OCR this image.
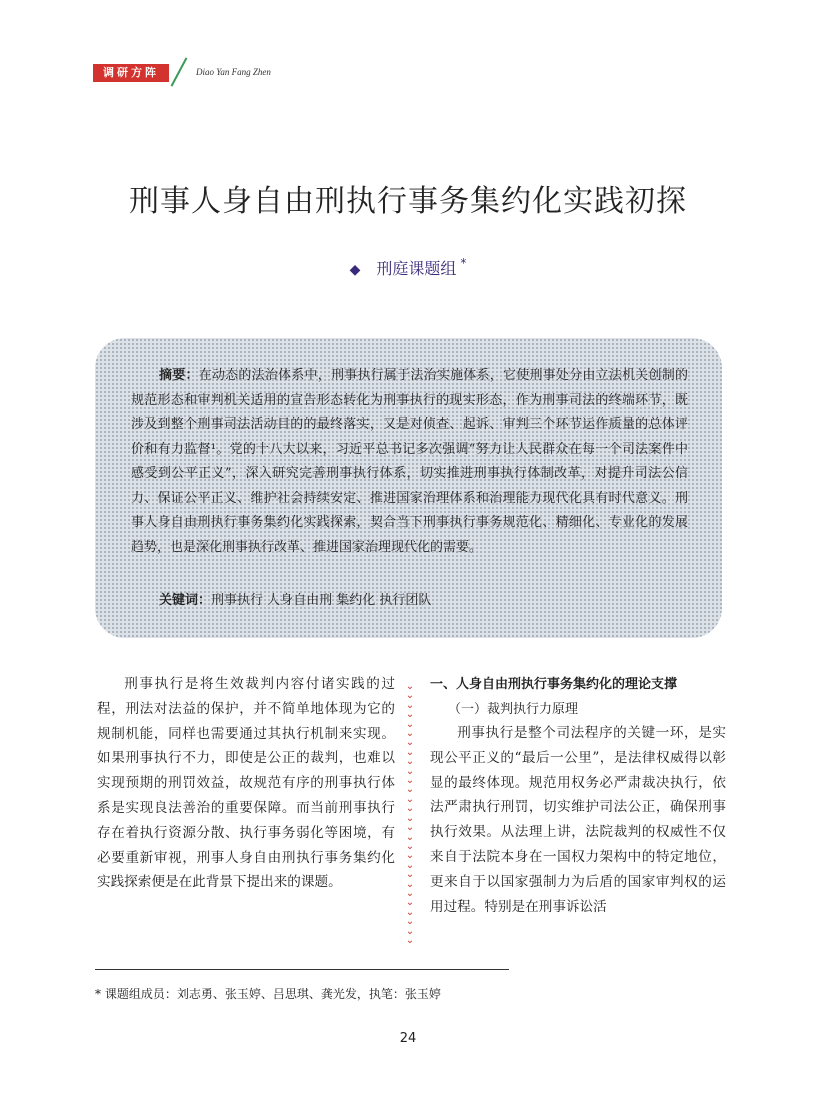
调研方阵	Diao Yan Fang Zhen
刑事人身自由刑执行事务集约化实践初探
◆ 刑庭课题组 *
摘要：在动态的法治体系中，刑事执行属于法治实施体系，它使刑事处分由立法机关创制的规范形态和审判机关适用的宣告形态转化为刑事执行的现实形态，作为刑事司法的终端环节，既涉及到整个刑事司法活动目的的最终落实，又是对侦查、起诉、审判三个环节运作质量的总体评价和有力监督¹。党的十八大以来，习近平总书记多次强调“努力让人民群众在每一个司法案件中感受到公平正义”，深入研究完善刑事执行体系，切实推进刑事执行体制改革，对提升司法公信力、保证公平正义、维护社会持续安定、推进国家治理体系和治理能力现代化具有时代意义。刑事人身自由刑执行事务集约化实践探索，契合当下刑事执行事务规范化、精细化、专业化的发展趋势，也是深化刑事执行改革、推进国家治理现代化的需要。
关键词：刑事执行 人身自由刑 集约化 执行团队
刑事执行是将生效裁判内容付诸实践的过程，刑法对法益的保护，并不简单地体现为它的规制机能，同样也需要通过其执行机制来实现。如果刑事执行不力，即使是公正的裁判，也难以实现预期的刑罚效益，故规范有序的刑事执行体系是实现良法善治的重要保障。而当前刑事执行存在着执行资源分散、执行事务弱化等困境，有必要重新审视，刑事人身自由刑执行事务集约化实践探索便是在此背景下提出来的课题。
⌄
⌄
⌄
⌄
⌄
⌄
⌄
⌄
⌄
⌄
⌄
⌄
⌄
⌄
⌄
⌄
⌄
⌄
⌄
⌄
⌄
⌄
⌄
⌄
⌄
⌄
⌄
⌄
一、人身自由刑执行事务集约化的理论支撑
（一）裁判执行力原理
刑事执行是整个司法程序的关键一环，是实现公平正义的“最后一公里”，是法律权威得以彰显的最终体现。规范用权务必严肃裁决执行，依法严肃执行刑罚，切实维护司法公正，确保刑事执行效果。从法理上讲，法院裁判的权威性不仅来自于法院本身在一国权力架构中的特定地位，更来自于以国家强制力为后盾的国家审判权的运用过程。特别是在刑事诉讼活
* 课题组成员：刘志勇、张玉婷、吕思琪、龚光发，执笔：张玉婷
24
